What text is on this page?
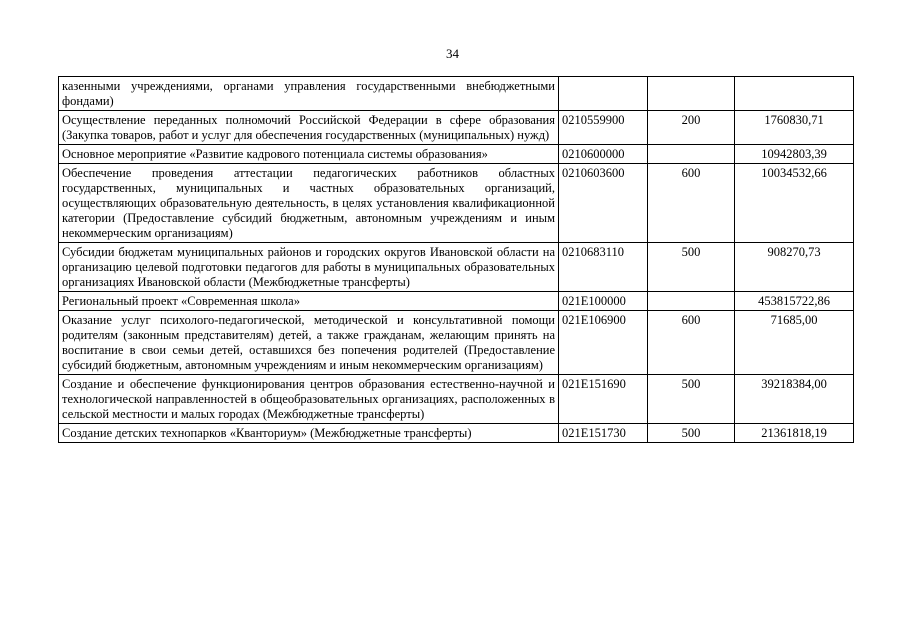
34
казенными учреждениями, органами управления государственными внебюджетными фондами)			
Осуществление переданных полномочий Российской Федерации в сфере образования (Закупка товаров, работ и услуг для обеспечения государственных (муниципальных) нужд)	0210559900	200	1760830,71
Основное мероприятие «Развитие кадрового потенциала системы образования»	0210600000		10942803,39
Обеспечение проведения аттестации педагогических работников областных государственных, муниципальных и частных образовательных организаций, осуществляющих образовательную деятельность, в целях установления квалификационной категории (Предоставление субсидий бюджетным, автономным учреждениям и иным некоммерческим организациям)	0210603600	600	10034532,66
Субсидии бюджетам муниципальных районов и городских округов Ивановской области на организацию целевой подготовки педагогов для работы в муниципальных образовательных организациях Ивановской области (Межбюджетные трансферты)	0210683110	500	908270,73
Региональный проект «Современная школа»	021E100000		453815722,86
Оказание услуг психолого-педагогической, методической и консультативной помощи родителям (законным представителям) детей, а также гражданам, желающим принять на воспитание в свои семьи детей, оставшихся без попечения родителей (Предоставление субсидий бюджетным, автономным учреждениям и иным некоммерческим организациям)	021E106900	600	71685,00
Создание и обеспечение функционирования центров образования естественно-научной и технологической направленностей в общеобразовательных организациях, расположенных в сельской местности и малых городах (Межбюджетные трансферты)	021E151690	500	39218384,00
Создание детских технопарков «Кванториум» (Межбюджетные трансферты)	021E151730	500	21361818,19
